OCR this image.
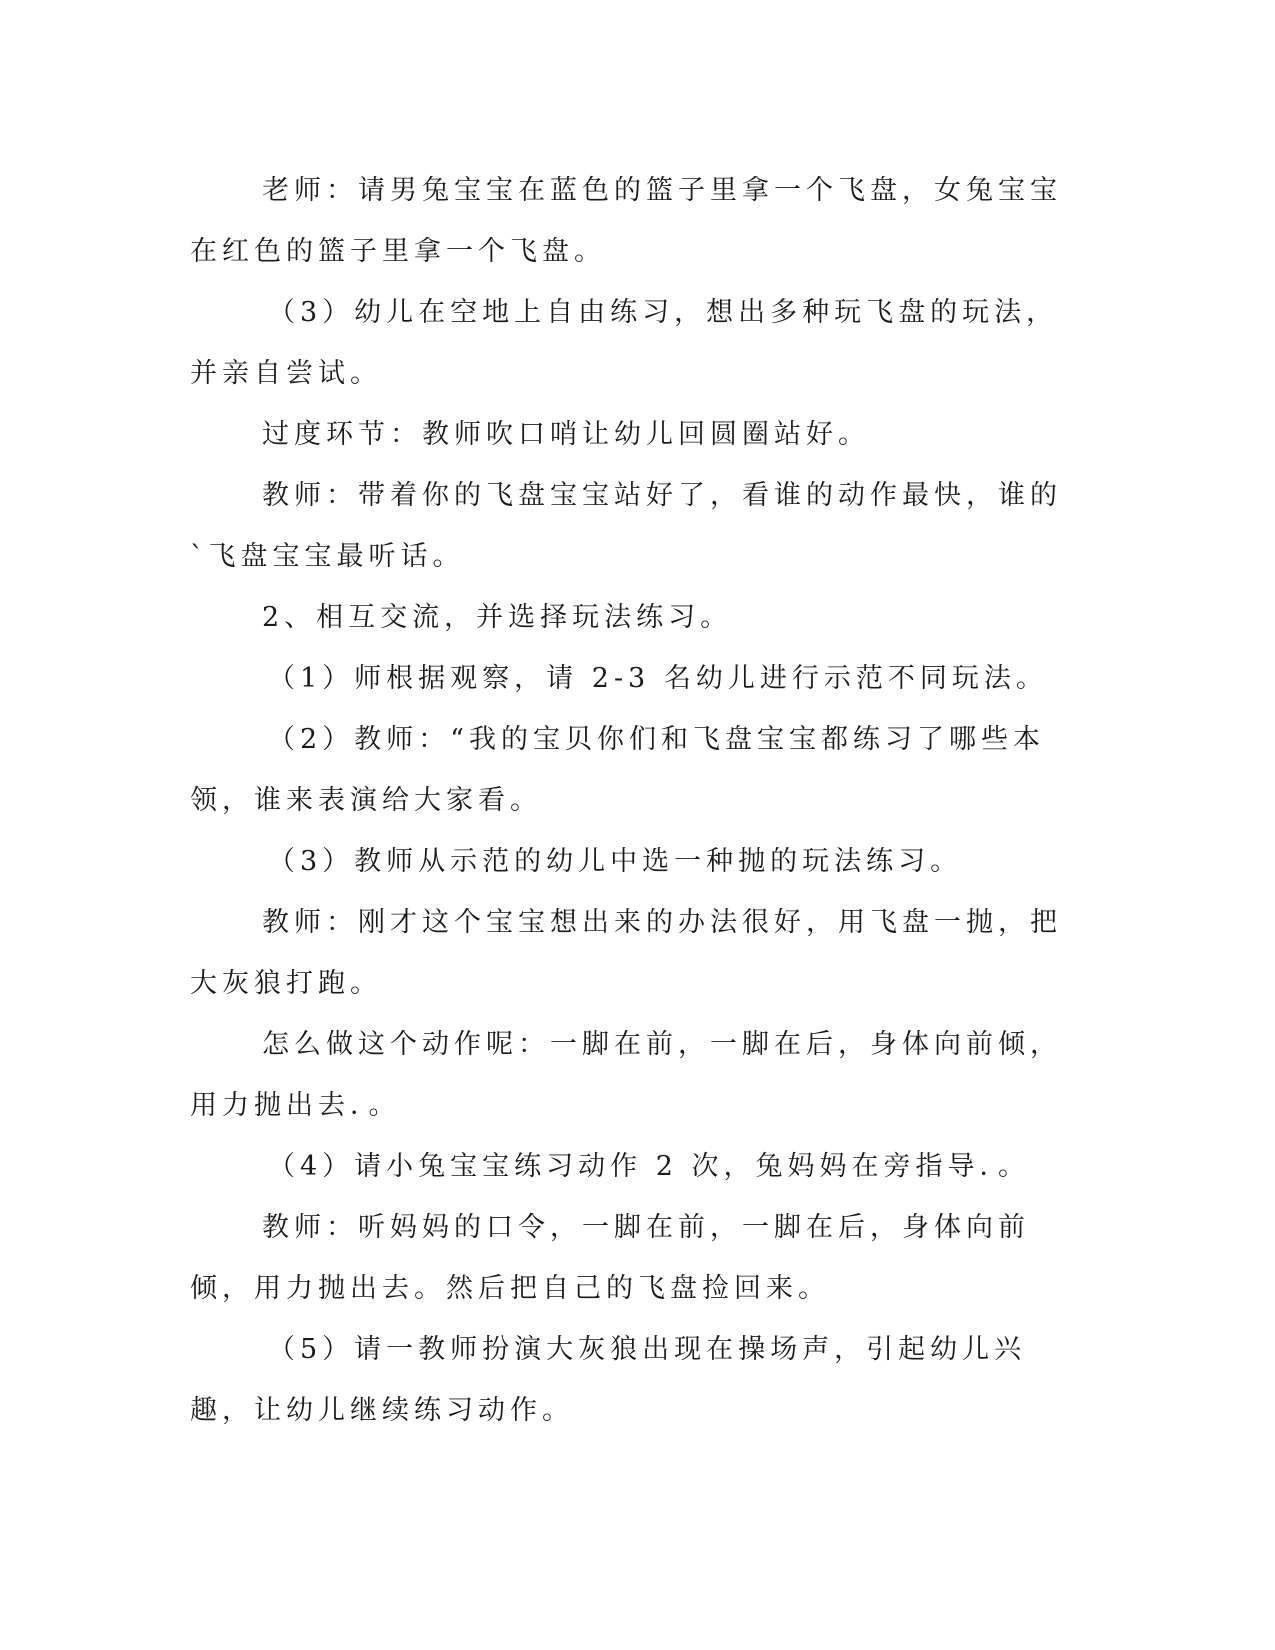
老师：请男兔宝宝在蓝色的篮子里拿一个飞盘，女兔宝宝在红色的篮子里拿一个飞盘。

（3）幼儿在空地上自由练习，想出多种玩飞盘的玩法，并亲自尝试。

过度环节：教师吹口哨让幼儿回圆圈站好。

教师：带着你的飞盘宝宝站好了，看谁的动作最快，谁的`飞盘宝宝最听话。

2、相互交流，并选择玩法练习。

（1）师根据观察，请 2-3 名幼儿进行示范不同玩法。

（2）教师：“我的宝贝你们和飞盘宝宝都练习了哪些本领，谁来表演给大家看。

（3）教师从示范的幼儿中选一种抛的玩法练习。

教师：刚才这个宝宝想出来的办法很好，用飞盘一抛，把大灰狼打跑。

怎么做这个动作呢：一脚在前，一脚在后，身体向前倾，用力抛出去．。

（4）请小兔宝宝练习动作 2 次，兔妈妈在旁指导．。

教师：听妈妈的口令，一脚在前，一脚在后，身体向前倾，用力抛出去。然后把自己的飞盘捡回来。

（5）请一教师扮演大灰狼出现在操场声，引起幼儿兴趣，让幼儿继续练习动作。
